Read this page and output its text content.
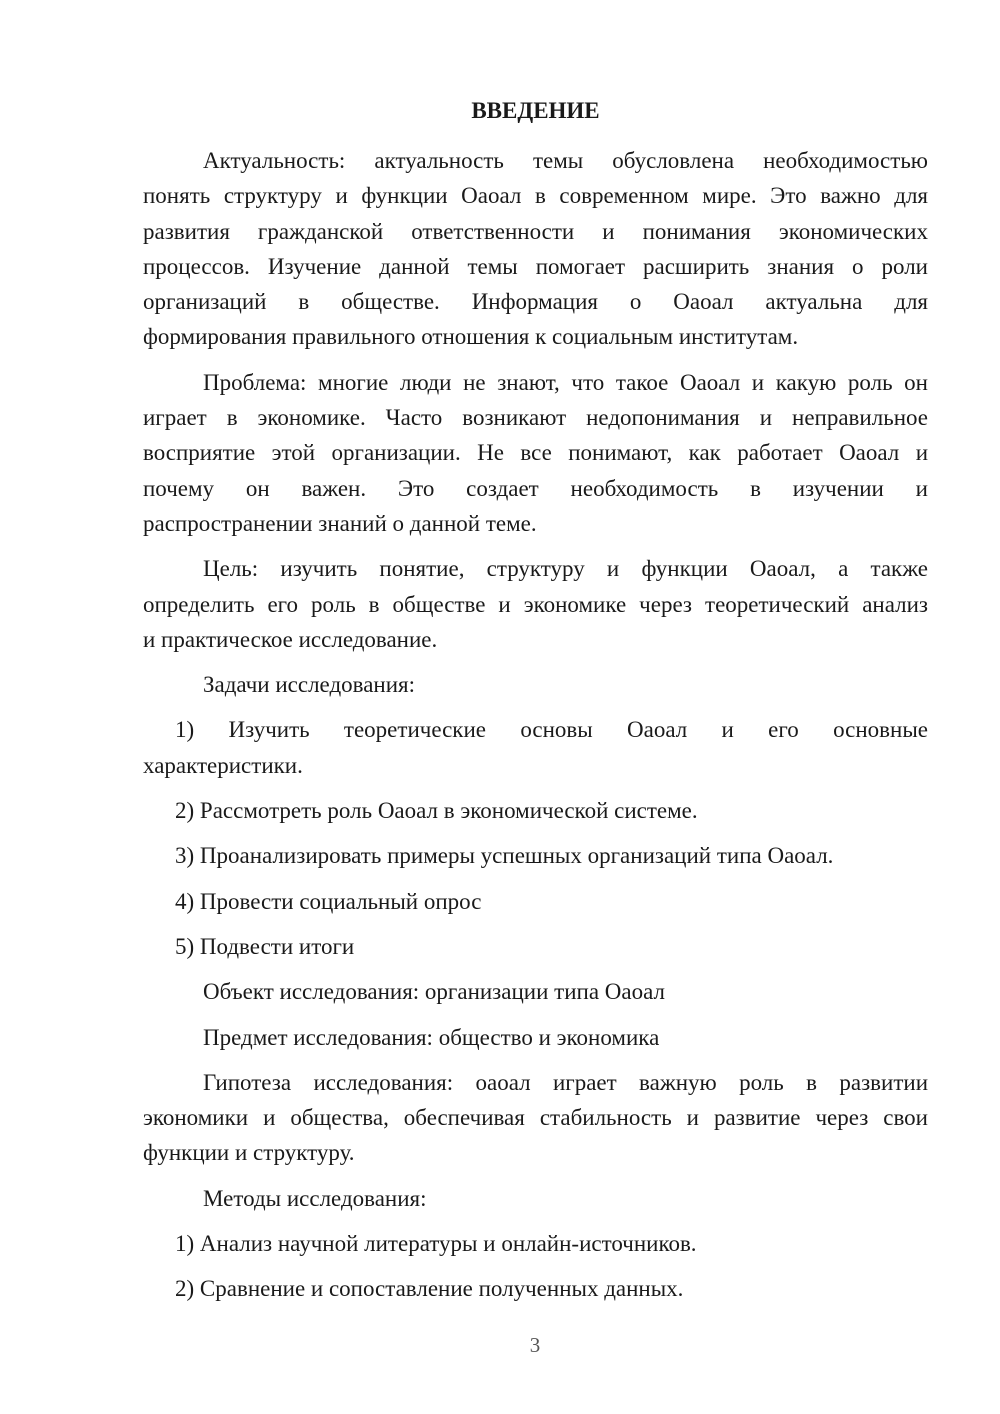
ВВЕДЕНИЕ
Актуальность: актуальность темы обусловлена необходимостью
понять структуру и функции Оаоал в современном мире. Это важно для
развития гражданской ответственности и понимания экономических
процессов. Изучение данной темы помогает расширить знания о роли
организаций в обществе. Информация о Оаоал актуальна для
формирования правильного отношения к социальным институтам.
Проблема: многие люди не знают, что такое Оаоал и какую роль он
играет в экономике. Часто возникают недопонимания и неправильное
восприятие этой организации. Не все понимают, как работает Оаоал и
почему он важен. Это создает необходимость в изучении и
распространении знаний о данной теме.
Цель: изучить понятие, структуру и функции Оаоал, а также
определить его роль в обществе и экономике через теоретический анализ
и практическое исследование.
Задачи исследования:
1) Изучить теоретические основы Оаоал и его основные
характеристики.
2) Рассмотреть роль Оаоал в экономической системе.
3) Проанализировать примеры успешных организаций типа Оаоал.
4) Провести социальный опрос
5) Подвести итоги
Объект исследования: организации типа Оаоал
Предмет исследования: общество и экономика
Гипотеза исследования: оаоал играет важную роль в развитии
экономики и общества, обеспечивая стабильность и развитие через свои
функции и структуру.
Методы исследования:
1) Анализ научной литературы и онлайн-источников.
2) Сравнение и сопоставление полученных данных.
3
